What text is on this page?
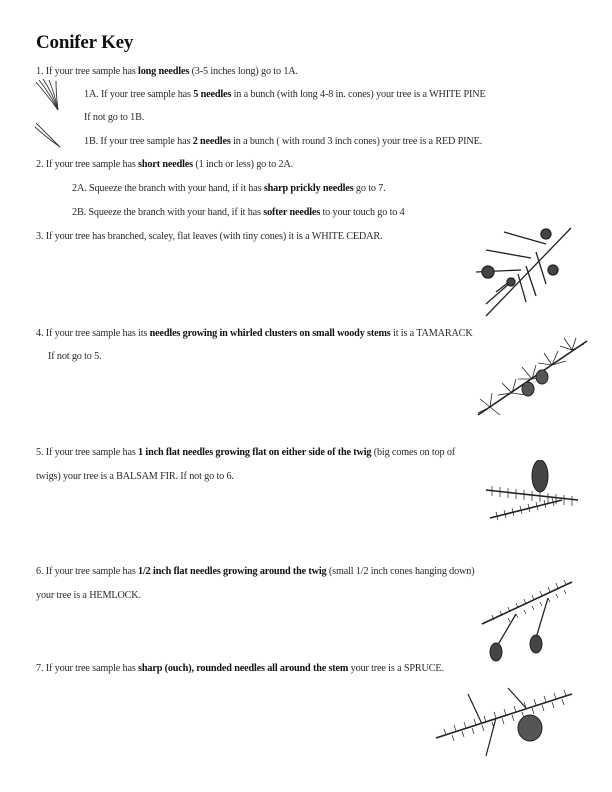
Conifer Key
1. If your tree sample has long needles (3-5 inches long) go to 1A.
1A. If your tree sample has 5 needles in a bunch (with long 4-8 in. cones) your tree is a WHITE PINE
If not go to 1B.
1B. If your tree sample has 2 needles in a bunch ( with round 3 inch cones) your tree is a RED PINE.
2. If your tree sample has short needles (1 inch or less) go to 2A.
2A. Squeeze the branch with your hand, if it has sharp prickly needles go to 7.
2B. Squeeze the branch with your hand, if it has softer needles to your touch go to 4
3. If your tree has branched, scaley, flat leaves (with tiny cones) it is a WHITE CEDAR.
4. If your tree sample has its needles growing in whirled clusters on small woody stems it is a TAMARACK
If not go to 5.
5. If your tree sample has 1 inch flat needles growing flat on either side of the twig (big comes on top of
twigs) your tree is a BALSAM FIR. If not go to 6.
6. If your tree sample has 1/2 inch flat needles growing around the twig (small 1/2 inch cones hanging down)
your tree is a HEMLOCK.
7. If your tree sample has sharp (ouch), rounded needles all around the stem your tree is a SPRUCE.
